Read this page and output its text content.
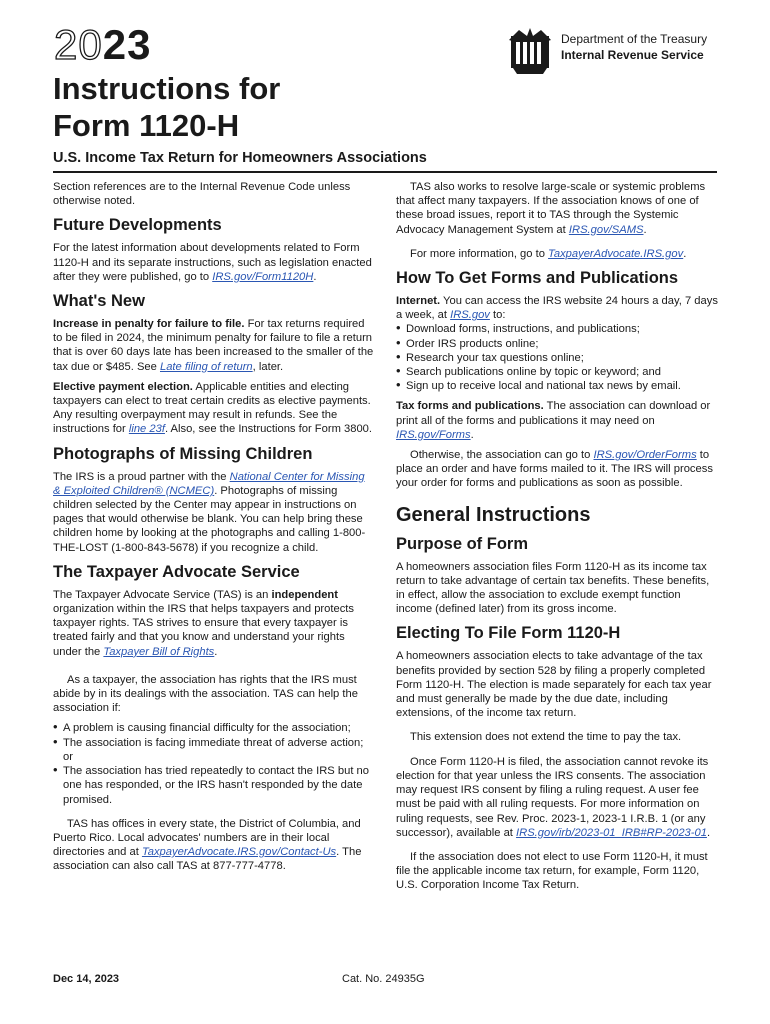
2023
Instructions for
Form 1120-H
Department of the Treasury
Internal Revenue Service
U.S. Income Tax Return for Homeowners Associations

Section references are to the Internal Revenue Code unless otherwise noted.

Future Developments

For the latest information about developments related to Form 1120-H and its separate instructions, such as legislation enacted after they were published, go to IRS.gov/Form1120H.

What's New

Increase in penalty for failure to file. For tax returns required to be filed in 2024, the minimum penalty for failure to file a return that is over 60 days late has been increased to the smaller of the tax due or $485. See Late filing of return, later.

Elective payment election. Applicable entities and electing taxpayers can elect to treat certain credits as elective payments. Any resulting overpayment may result in refunds. See the instructions for line 23f. Also, see the Instructions for Form 3800.

Photographs of Missing Children

The IRS is a proud partner with the National Center for Missing & Exploited Children® (NCMEC). Photographs of missing children selected by the Center may appear in instructions on pages that would otherwise be blank. You can help bring these children home by looking at the photographs and calling 1-800-THE-LOST (1-800-843-5678) if you recognize a child.

The Taxpayer Advocate Service

The Taxpayer Advocate Service (TAS) is an independent organization within the IRS that helps taxpayers and protects taxpayer rights. TAS strives to ensure that every taxpayer is treated fairly and that you know and understand your rights under the Taxpayer Bill of Rights.

As a taxpayer, the association has rights that the IRS must abide by in its dealings with the association. TAS can help the association if:

• A problem is causing financial difficulty for the association;
• The association is facing immediate threat of adverse action; or
• The association has tried repeatedly to contact the IRS but no one has responded, or the IRS hasn't responded by the date promised.

TAS has offices in every state, the District of Columbia, and Puerto Rico. Local advocates' numbers are in their local directories and at TaxpayerAdvocate.IRS.gov/Contact-Us. The association can also call TAS at 877-777-4778.

TAS also works to resolve large-scale or systemic problems that affect many taxpayers. If the association knows of one of these broad issues, report it to TAS through the Systemic Advocacy Management System at IRS.gov/SAMS.

For more information, go to TaxpayerAdvocate.IRS.gov.

How To Get Forms and Publications

Internet. You can access the IRS website 24 hours a day, 7 days a week, at IRS.gov to:

• Download forms, instructions, and publications;
• Order IRS products online;
• Research your tax questions online;
• Search publications online by topic or keyword; and
• Sign up to receive local and national tax news by email.

Tax forms and publications. The association can download or print all of the forms and publications it may need on IRS.gov/Forms.

Otherwise, the association can go to IRS.gov/OrderForms to place an order and have forms mailed to it. The IRS will process your order for forms and publications as soon as possible.

General Instructions
Purpose of Form

A homeowners association files Form 1120-H as its income tax return to take advantage of certain tax benefits. These benefits, in effect, allow the association to exclude exempt function income (defined later) from its gross income.

Electing To File Form 1120-H

A homeowners association elects to take advantage of the tax benefits provided by section 528 by filing a properly completed Form 1120-H. The election is made separately for each tax year and must generally be made by the due date, including extensions, of the income tax return.

This extension does not extend the time to pay the tax.

Once Form 1120-H is filed, the association cannot revoke its election for that year unless the IRS consents. The association may request IRS consent by filing a ruling request. A user fee must be paid with all ruling requests. For more information on ruling requests, see Rev. Proc. 2023-1, 2023-1 I.R.B. 1 (or any successor), available at IRS.gov/irb/2023-01_IRB#RP-2023-01.

If the association does not elect to use Form 1120-H, it must file the applicable income tax return, for example, Form 1120, U.S. Corporation Income Tax Return.

Dec 14, 2023	Cat. No. 24935G
